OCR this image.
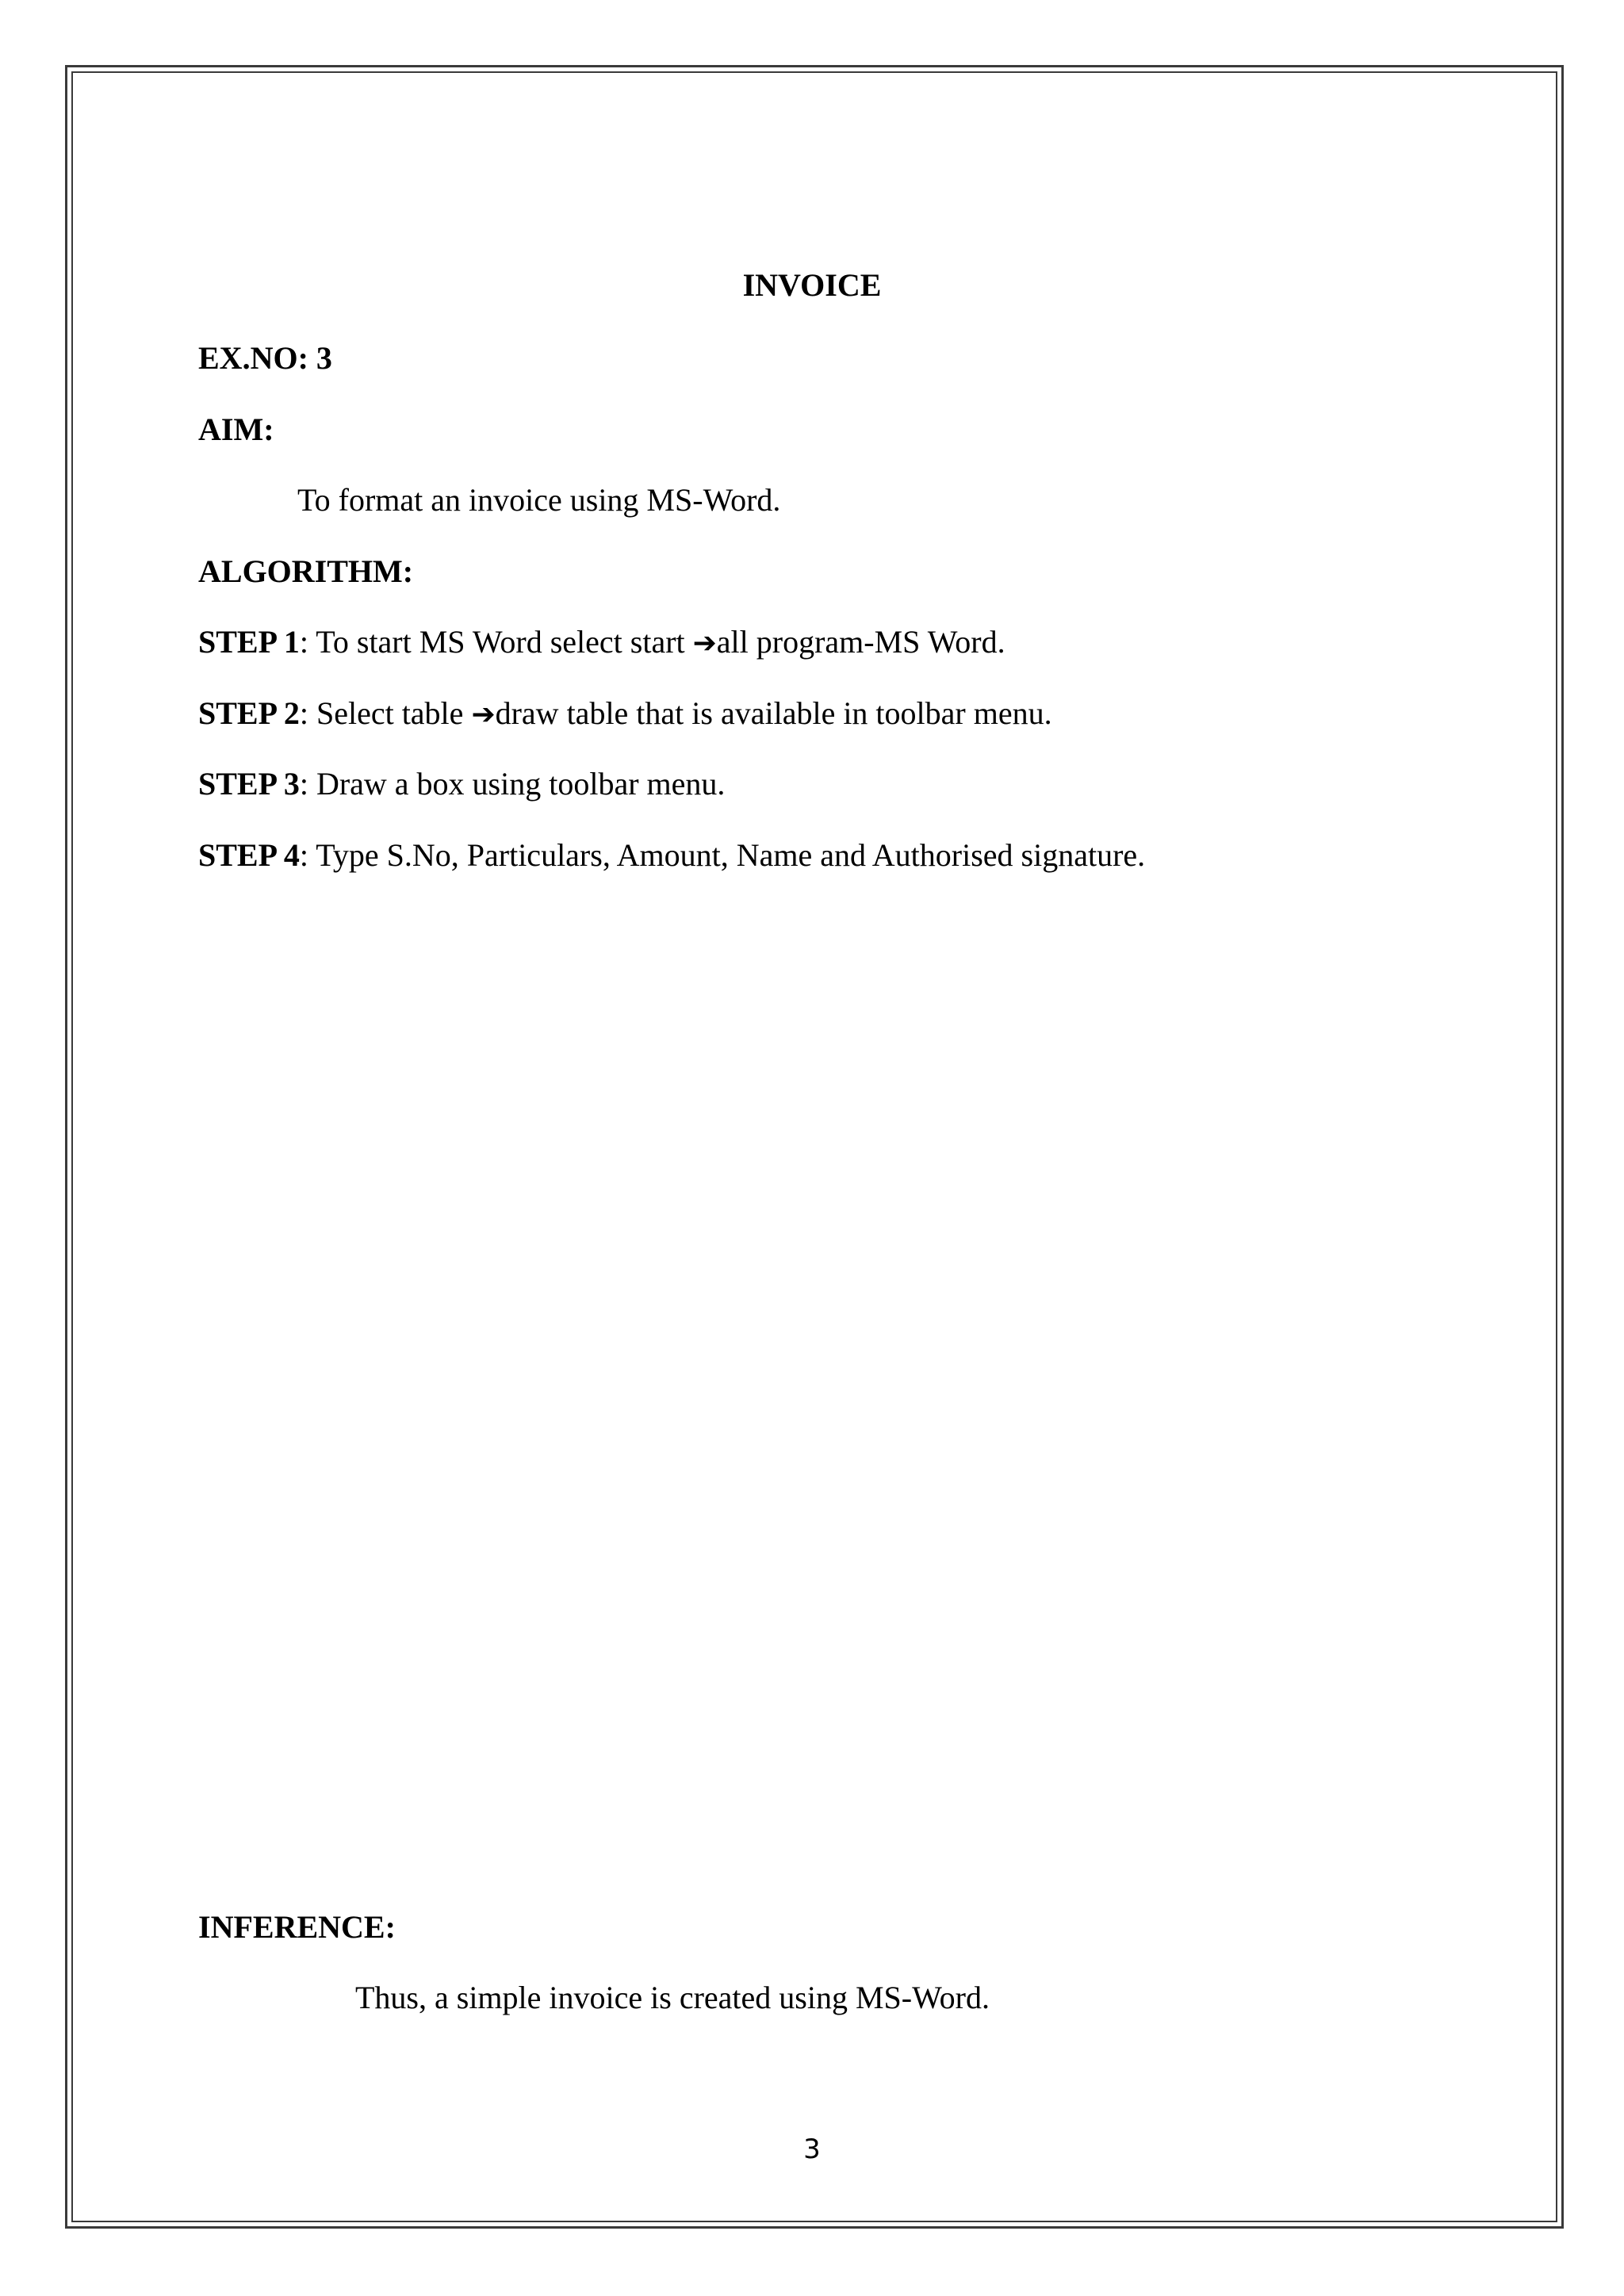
INVOICE
EX.NO: 3
AIM:
To format an invoice using MS-Word.
ALGORITHM:
STEP 1: To start MS Word select start ➔all program-MS Word.
STEP 2: Select table ➔draw table that is available in toolbar menu.
STEP 3: Draw a box using toolbar menu.
STEP 4: Type S.No, Particulars, Amount, Name and Authorised signature.
INFERENCE:
Thus, a simple invoice is created using MS-Word.
3
